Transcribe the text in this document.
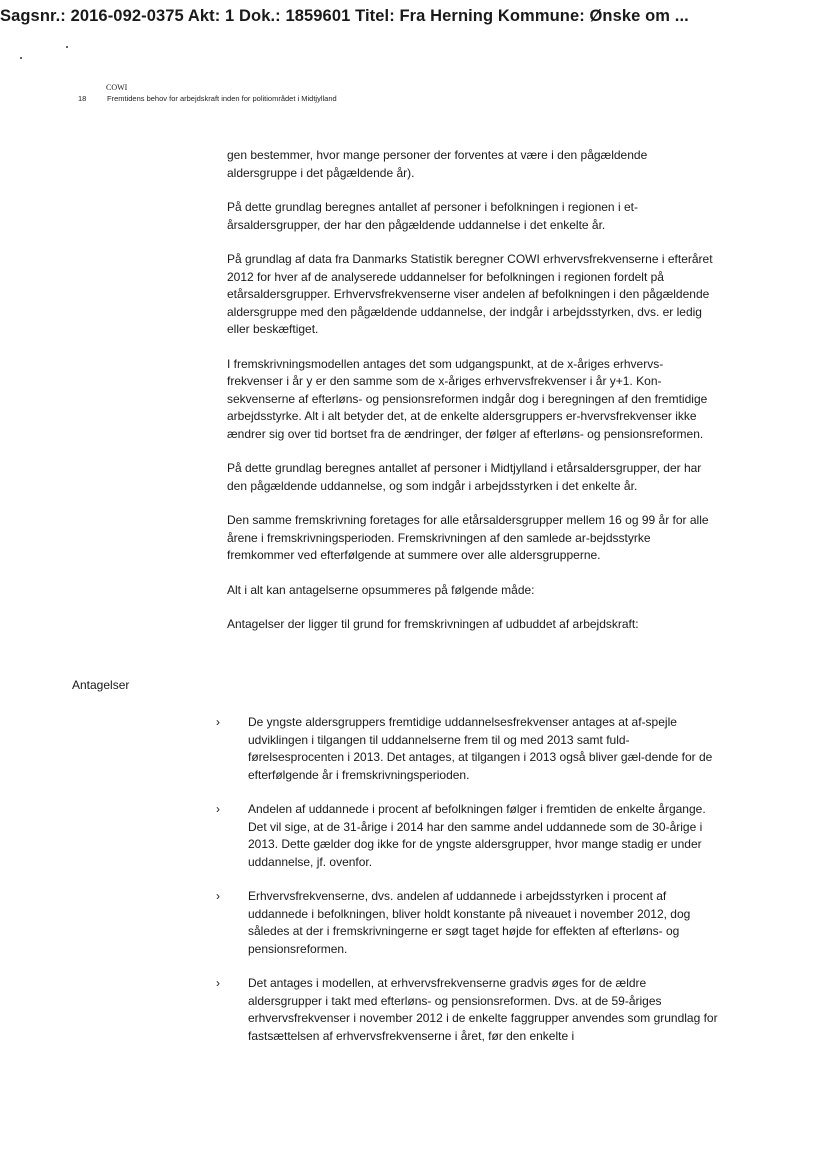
Sagsnr.: 2016-092-0375 Akt: 1 Dok.: 1859601 Titel: Fra Herning Kommune: Ønske om ...
COWI
18	Fremtidens behov for arbejdskraft inden for politiområdet i Midtjylland

gen bestemmer, hvor mange personer der forventes at være i den pågældende aldersgruppe i det pågældende år).

På dette grundlag beregnes antallet af personer i befolkningen i regionen i et-årsaldersgrupper, der har den pågældende uddannelse i det enkelte år.

På grundlag af data fra Danmarks Statistik beregner COWI erhvervsfrekvenserne i efteråret 2012 for hver af de analyserede uddannelser for befolkningen i regionen fordelt på etårsaldersgrupper. Erhvervsfrekvenserne viser andelen af befolkningen i den pågældende aldersgruppe med den pågældende uddannelse, der indgår i arbejdsstyrken, dvs. er ledig eller beskæftiget.

I fremskrivningsmodellen antages det som udgangspunkt, at de x-åriges erhvervs-frekvenser i år y er den samme som de x-åriges erhvervsfrekvenser i år y+1. Kon-sekvenserne af efterløns- og pensionsreformen indgår dog i beregningen af den fremtidige arbejdsstyrke. Alt i alt betyder det, at de enkelte aldersgruppers er-hvervsfrekvenser ikke ændrer sig over tid bortset fra de ændringer, der følger af efterløns- og pensionsreformen.

På dette grundlag beregnes antallet af personer i Midtjylland i etårsaldersgrupper, der har den pågældende uddannelse, og som indgår i arbejdsstyrken i det enkelte år.

Den samme fremskrivning foretages for alle etårsaldersgrupper mellem 16 og 99 år for alle årene i fremskrivningsperioden. Fremskrivningen af den samlede ar-bejdsstyrke fremkommer ved efterfølgende at summere over alle aldersgrupperne.

Alt i alt kan antagelserne opsummeres på følgende måde:

Antagelser der ligger til grund for fremskrivningen af udbuddet af arbejdskraft:

Antagelser
› De yngste aldersgruppers fremtidige uddannelsesfrekvenser antages at af-spejle udviklingen i tilgangen til uddannelserne frem til og med 2013 samt fuld-førelsesprocenten i 2013. Det antages, at tilgangen i 2013 også bliver gæl-dende for de efterfølgende år i fremskrivningsperioden.
› Andelen af uddannede i procent af befolkningen følger i fremtiden de enkelte årgange. Det vil sige, at de 31-årige i 2014 har den samme andel uddannede som de 30-årige i 2013. Dette gælder dog ikke for de yngste aldersgrupper, hvor mange stadig er under uddannelse, jf. ovenfor.
› Erhvervsfrekvenserne, dvs. andelen af uddannede i arbejdsstyrken i procent af uddannede i befolkningen, bliver holdt konstante på niveauet i november 2012, dog således at der i fremskrivningerne er søgt taget højde for effekten af efterløns- og pensionsreformen.
› Det antages i modellen, at erhvervsfrekvenserne gradvis øges for de ældre aldersgrupper i takt med efterløns- og pensionsreformen. Dvs. at de 59-åriges erhvervsfrekvenser i november 2012 i de enkelte faggrupper anvendes som grundlag for fastsættelsen af erhvervsfrekvenserne i året, før den enkelte i
